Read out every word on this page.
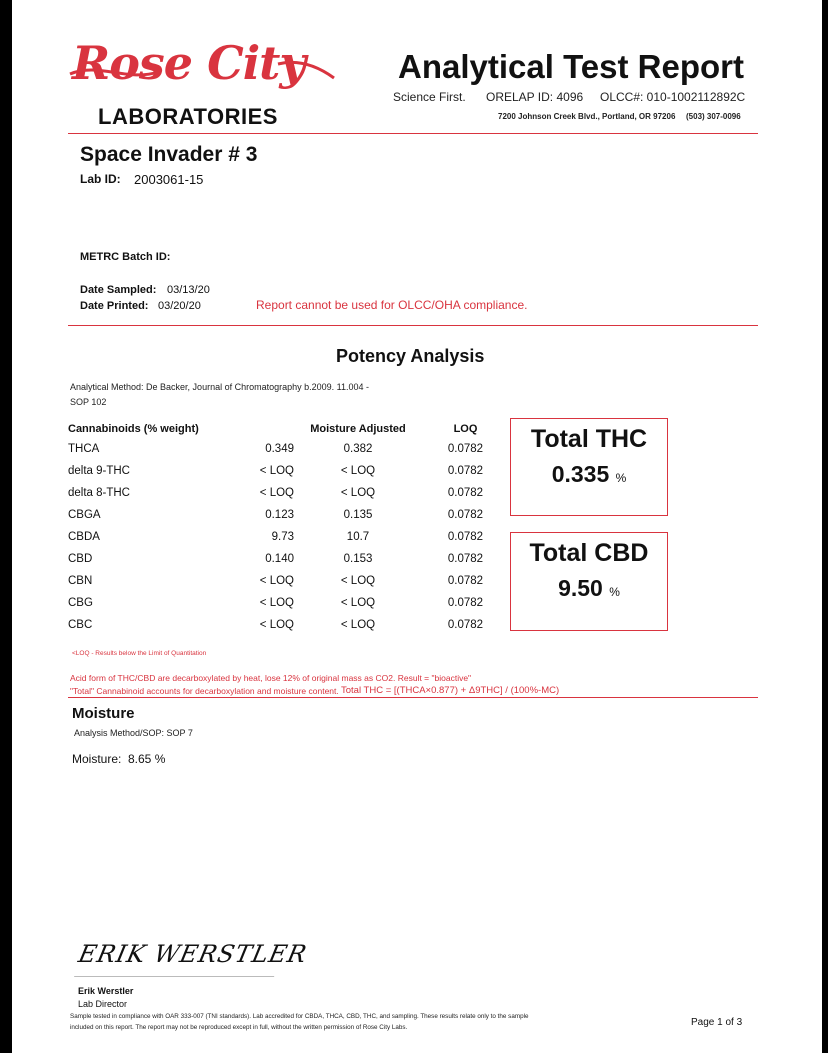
Rose City
LABORATORIES
Analytical Test Report
Science First. ORELAP ID: 4096 OLCC#: 010-1002112892C
7200 Johnson Creek Blvd., Portland, OR 97206 (503) 307-0096
Space Invader # 3
Lab ID: 2003061-15
METRC Batch ID:
Date Sampled: 03/13/20
Date Printed: 03/20/20	Report cannot be used for OLCC/OHA compliance.
Potency Analysis
Analytical Method: De Backer, Journal of Chromatography b.2009. 11.004 -
SOP 102
Cannabinoids (% weight)		Moisture Adjusted	LOQ
THCA	0.349	0.382	0.0782
delta 9-THC	< LOQ	< LOQ	0.0782
delta 8-THC	< LOQ	< LOQ	0.0782
CBGA	0.123	0.135	0.0782
CBDA	9.73	10.7	0.0782
CBD	0.140	0.153	0.0782
CBN	< LOQ	< LOQ	0.0782
CBG	< LOQ	< LOQ	0.0782
CBC	< LOQ	< LOQ	0.0782
Total THC
0.335 %
Total CBD
9.50 %
<LOQ - Results below the Limit of Quantitation
Acid form of THC/CBD are decarboxylated by heat, lose 12% of original mass as CO2. Result = "bioactive"
"Total" Cannabinoid accounts for decarboxylation and moisture content. Total THC = [(THCA×0.877) + Δ9THC] / (100%-MC)
Moisture
Analysis Method/SOP: SOP 7
Moisture: 8.65 %
ERIK WERSTLER
Erik Werstler
Lab Director
Sample tested in compliance with OAR 333-007 (TNI standards). Lab accredited for CBDA, THCA, CBD, THC, and sampling. These results relate only to the sample
included on this report. The report may not be reproduced except in full, without the written permission of Rose City Labs.	Page 1 of 3
